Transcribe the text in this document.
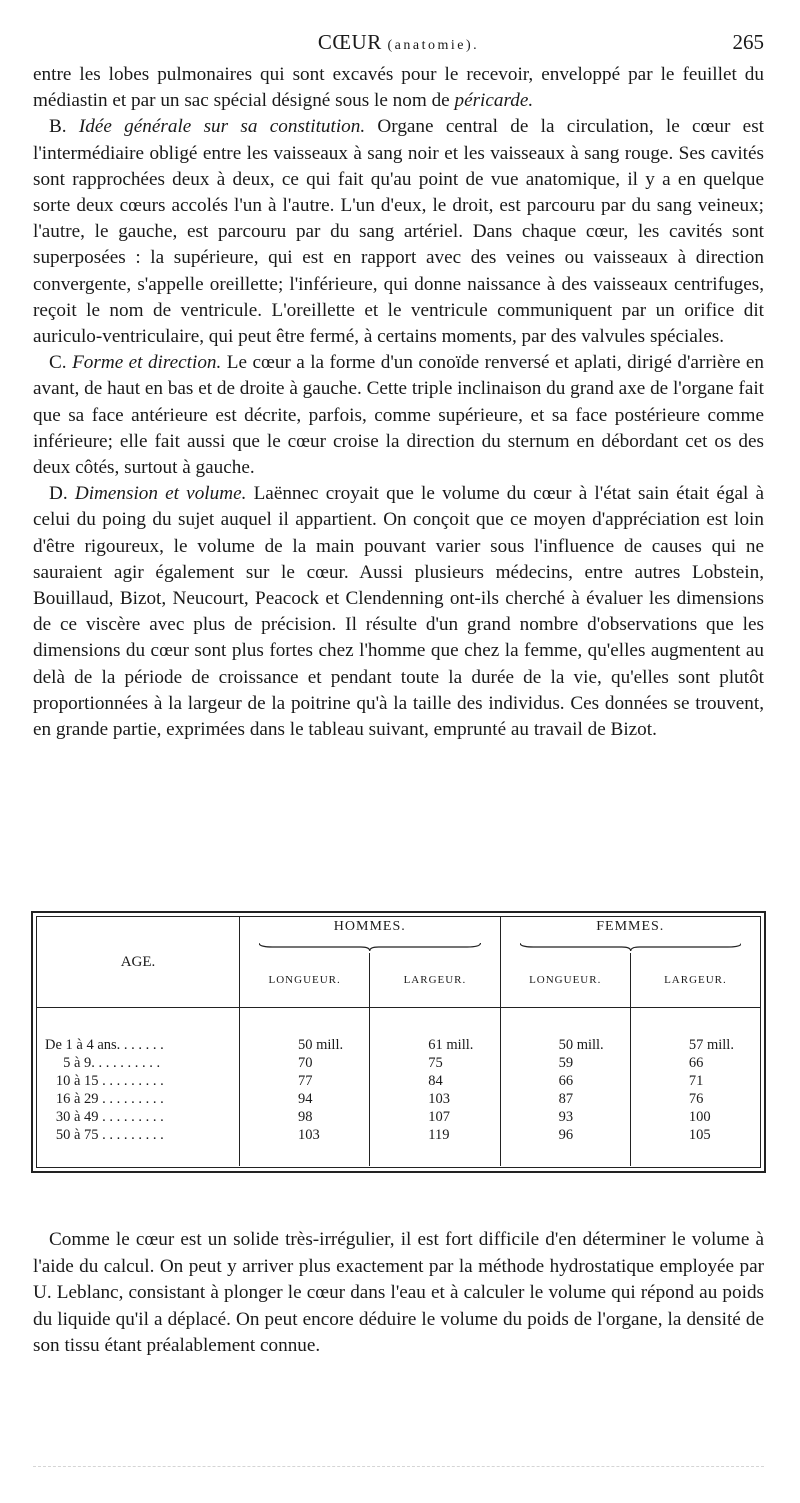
CŒUR (anatomie).	265

entre les lobes pulmonaires qui sont excavés pour le recevoir, enveloppé par le feuillet du médiastin et par un sac spécial désigné sous le nom de péricarde.

B. Idée générale sur sa constitution. Organe central de la circulation, le cœur est l'intermédiaire obligé entre les vaisseaux à sang noir et les vaisseaux à sang rouge. Ses cavités sont rapprochées deux à deux, ce qui fait qu'au point de vue anatomique, il y a en quelque sorte deux cœurs accolés l'un à l'autre. L'un d'eux, le droit, est parcouru par du sang veineux; l'autre, le gauche, est parcouru par du sang artériel. Dans chaque cœur, les cavités sont superposées : la supérieure, qui est en rapport avec des veines ou vaisseaux à direction convergente, s'appelle oreillette; l'inférieure, qui donne naissance à des vaisseaux centrifuges, reçoit le nom de ventricule. L'oreillette et le ventricule communiquent par un orifice dit auriculo-ventriculaire, qui peut être fermé, à certains moments, par des valvules spéciales.

C. Forme et direction. Le cœur a la forme d'un conoïde renversé et aplati, dirigé d'arrière en avant, de haut en bas et de droite à gauche. Cette triple inclinaison du grand axe de l'organe fait que sa face antérieure est décrite, parfois, comme supérieure, et sa face postérieure comme inférieure; elle fait aussi que le cœur croise la direction du sternum en débordant cet os des deux côtés, surtout à gauche.

D. Dimension et volume. Laënnec croyait que le volume du cœur à l'état sain était égal à celui du poing du sujet auquel il appartient. On conçoit que ce moyen d'appréciation est loin d'être rigoureux, le volume de la main pouvant varier sous l'influence de causes qui ne sauraient agir également sur le cœur. Aussi plusieurs médecins, entre autres Lobstein, Bouillaud, Bizot, Neucourt, Peacock et Clendenning ont-ils cherché à évaluer les dimensions de ce viscère avec plus de précision. Il résulte d'un grand nombre d'observations que les dimensions du cœur sont plus fortes chez l'homme que chez la femme, qu'elles augmentent au delà de la période de croissance et pendant toute la durée de la vie, qu'elles sont plutôt proportionnées à la largeur de la poitrine qu'à la taille des individus. Ces données se trouvent, en grande partie, exprimées dans le tableau suivant, emprunté au travail de Bizot.

AGE.	HOMMES.		FEMMES.	

	LONGUEUR.	LARGEUR.	LONGUEUR.	LARGEUR.

De 1 à 4 ans. . . . . . .	50 mill.	61 mill.	50 mill.	57 mill.
5 à 9. . . . . . . . . .	70	75	59	66
10 à 15 . . . . . . . . .	77	84	66	71
16 à 29 . . . . . . . . .	94	103	87	76
30 à 49 . . . . . . . . .	98	107	93	100
50 à 75 . . . . . . . . .	103	119	96	105

Comme le cœur est un solide très-irrégulier, il est fort difficile d'en déterminer le volume à l'aide du calcul. On peut y arriver plus exactement par la méthode hydrostatique employée par U. Leblanc, consistant à plonger le cœur dans l'eau et à calculer le volume qui répond au poids du liquide qu'il a déplacé. On peut encore déduire le volume du poids de l'organe, la densité de son tissu étant préalablement connue.
